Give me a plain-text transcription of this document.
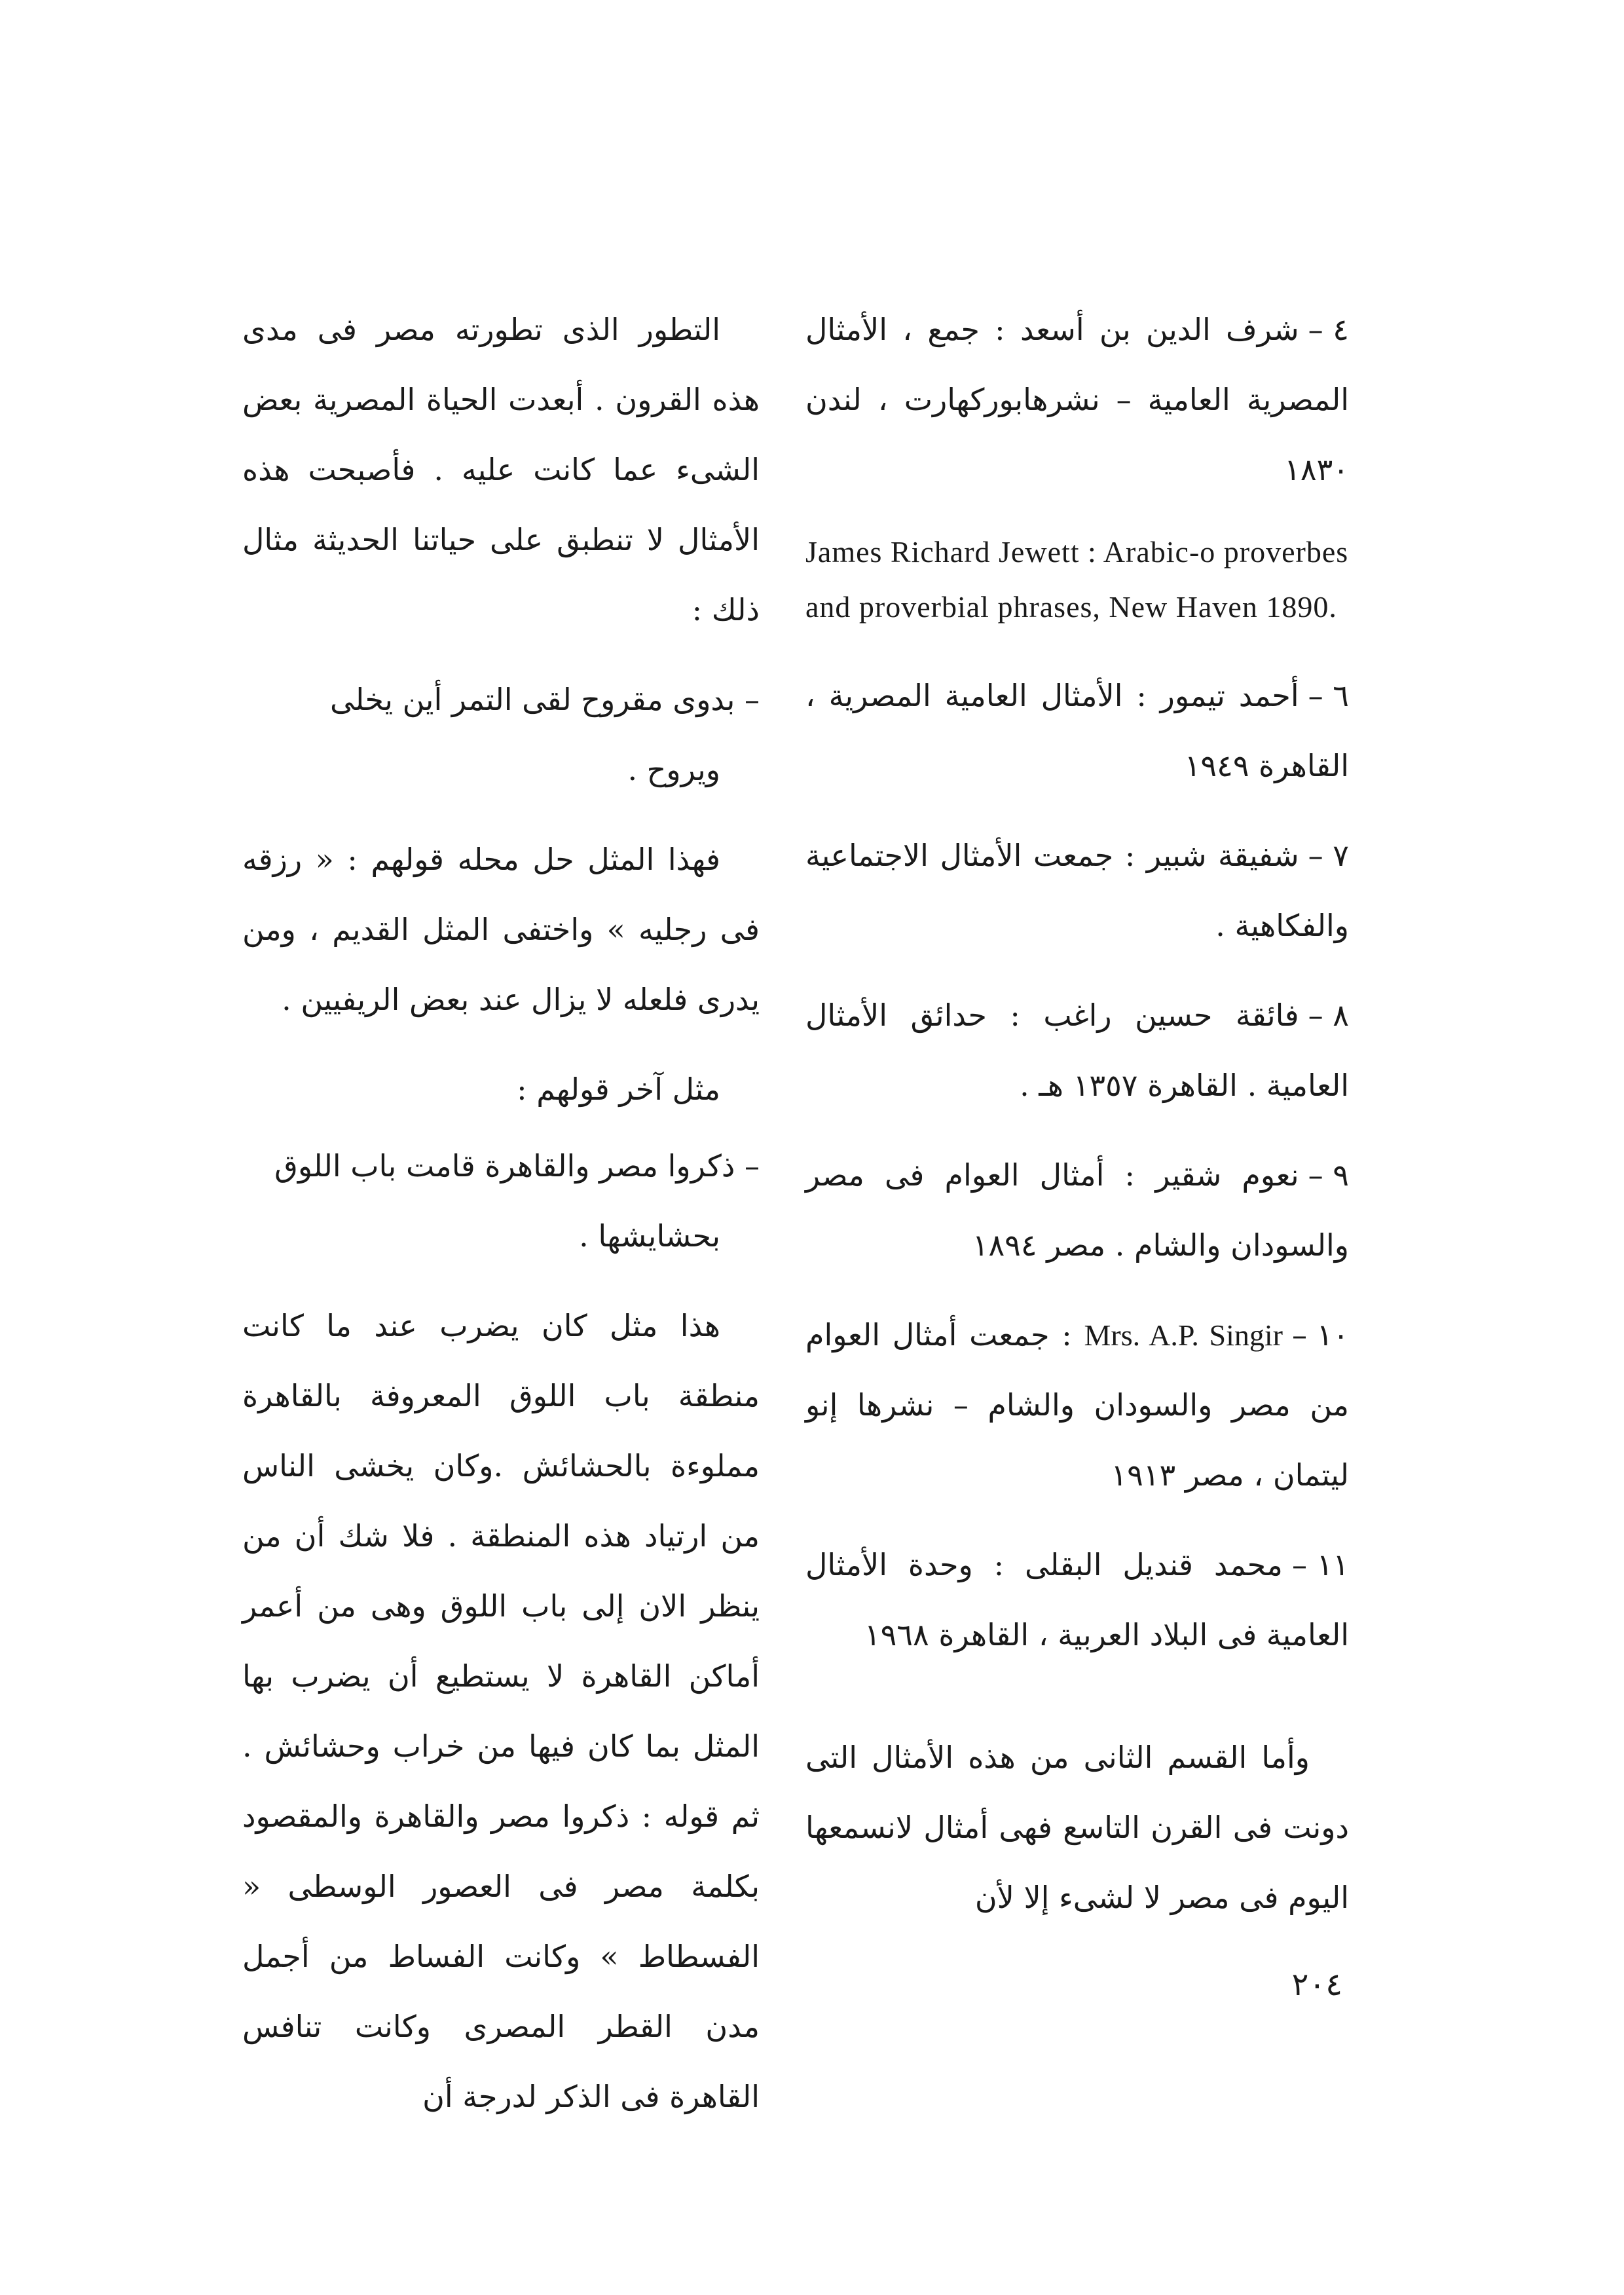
٤ –شرف الدين بن أسعد : جمع ، الأمثال المصرية العامية – نشرهابوركهارت ، لندن ١٨٣٠

James Richard Jewett : Arabic-o proverbes and proverbial phrases, New Haven 1890.

٦ –أحمد تيمور : الأمثال العامية المصرية ، القاهرة ١٩٤٩

٧ –شفيقة شبير : جمعت الأمثال الاجتماعية والفكاهية .

٨ –فائقة حسين راغب : حدائق الأمثال العامية . القاهرة ١٣٥٧ هـ .

٩ –نعوم شقير : أمثال العوام فى مصر والسودان والشام . مصر ١٨٩٤

١٠ –Mrs. A.P. Singir : جمعت أمثال العوام من مصر والسودان والشام – نشرها إنو ليتمان ، مصر ١٩١٣

١١ –محمد قنديل البقلى : وحدة الأمثال العامية فى البلاد العربية ، القاهرة ١٩٦٨

وأما القسم الثانى من هذه الأمثال التى دونت فى القرن التاسع فهى أمثال لانسمعها اليوم فى مصر لا لشىء إلا لأن

التطور الذى تطورته مصر فى مدى هذه القرون . أبعدت الحياة المصرية بعض الشىء عما كانت عليه . فأصبحت هذه الأمثال لا تنطبق على حياتنا الحديثة مثال ذلك :

– بدوى مقروح لقى التمر أين يخلى

ويروح .

فهذا المثل حل محله قولهم : « رزقه فى رجليه » واختفى المثل القديم ، ومن يدرى فلعله لا يزال عند بعض الريفيين .

مثل آخر قولهم :

– ذكروا مصر والقاهرة قامت باب اللوق

بحشايشها .

هذا مثل كان يضرب عند ما كانت منطقة باب اللوق المعروفة بالقاهرة مملوءة بالحشائش .وكان يخشى الناس من ارتياد هذه المنطقة . فلا شك أن من ينظر الان إلى باب اللوق وهى من أعمر أماكن القاهرة لا يستطيع أن يضرب بها المثل بما كان فيها من خراب وحشائش . ثم قوله : ذكروا مصر والقاهرة والمقصود بكلمة مصر فى العصور الوسطى « الفسطاط » وكانت الفساط من أجمل مدن القطر المصرى وكانت تنافس القاهرة فى الذكر لدرجة أن

٢٠٤
